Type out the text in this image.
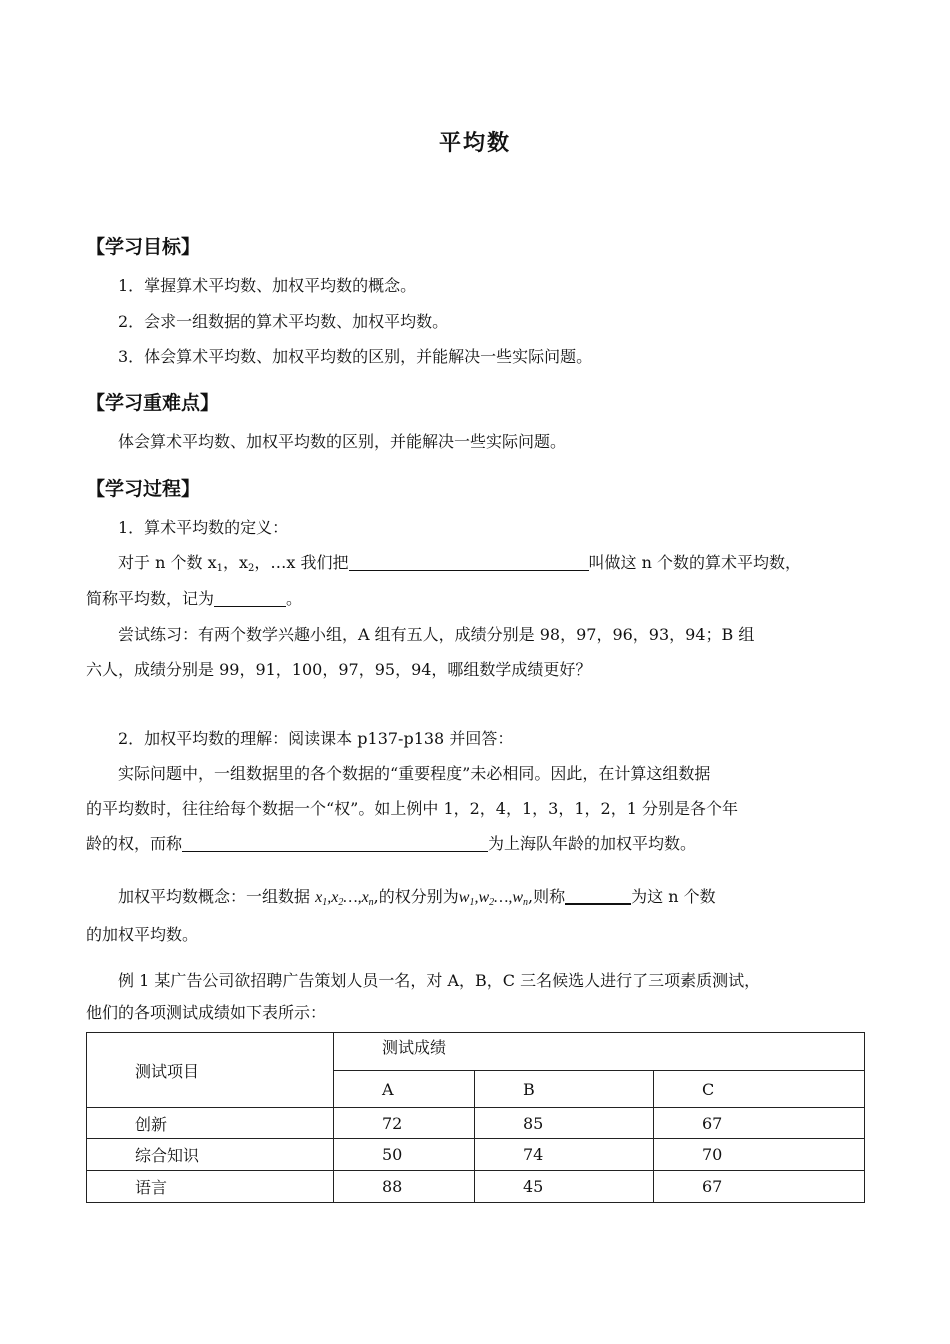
平均数
【学习目标】
1．掌握算术平均数、加权平均数的概念。
2．会求一组数据的算术平均数、加权平均数。
3．体会算术平均数、加权平均数的区别，并能解决一些实际问题。
【学习重难点】
体会算术平均数、加权平均数的区别，并能解决一些实际问题。
【学习过程】
1．算术平均数的定义：
对于 n 个数 $x_1$，$x_2$，…x 我们把	叫做这 n 个数的算术平均数，
简称平均数，记为	。
尝试练习：有两个数学兴趣小组，A 组有五人，成绩分别是 98，97，96，93，94；B 组
六人，成绩分别是 99，91，100，97，95，94，哪组数学成绩更好？
2．加权平均数的理解：阅读课本 p137-p138 并回答：
实际问题中，一组数据里的各个数据的“重要程度”未必相同。因此，在计算这组数据
的平均数时，往往给每个数据一个“权”。如上例中 1，2，4，1，3，1，2，1 分别是各个年
龄的权，而称	为上海队年龄的加权平均数。
加权平均数概念：一组数据 $x_1,x_2\dots,x_n$,的权分别为$w_1,w_2\dots,w_n$,则称	为这 n 个数
的加权平均数。
例 1 某广告公司欲招聘广告策划人员一名，对 A，B，C 三名候选人进行了三项素质测试，
他们的各项测试成绩如下表所示：
测试项目	测试成绩		
	A	B	C
创新	72	85	67
综合知识	50	74	70
语言	88	45	67
